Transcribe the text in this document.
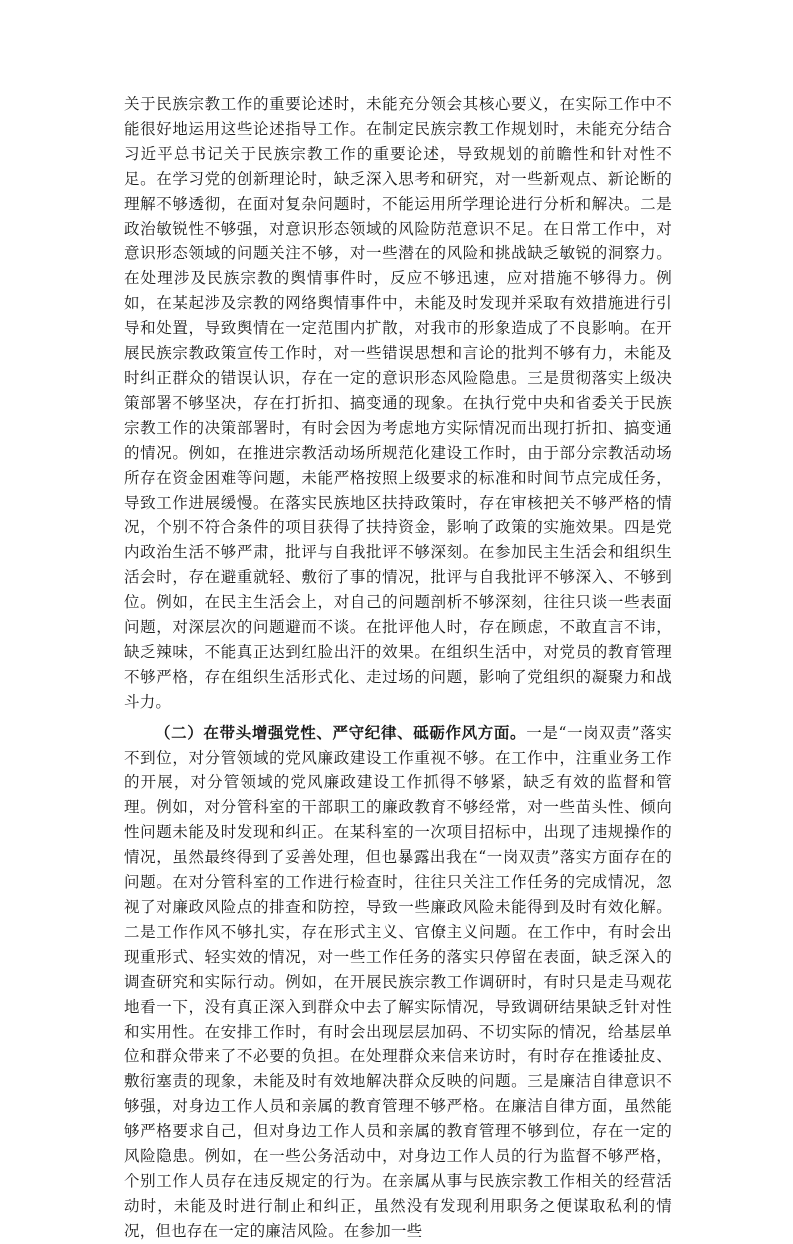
关于民族宗教工作的重要论述时，未能充分领会其核心要义，在实际工作中不能很好地运用这些论述指导工作。在制定民族宗教工作规划时，未能充分结合习近平总书记关于民族宗教工作的重要论述，导致规划的前瞻性和针对性不足。在学习党的创新理论时，缺乏深入思考和研究，对一些新观点、新论断的理解不够透彻，在面对复杂问题时，不能运用所学理论进行分析和解决。二是政治敏锐性不够强，对意识形态领域的风险防范意识不足。在日常工作中，对意识形态领域的问题关注不够，对一些潜在的风险和挑战缺乏敏锐的洞察力。在处理涉及民族宗教的舆情事件时，反应不够迅速，应对措施不够得力。例如，在某起涉及宗教的网络舆情事件中，未能及时发现并采取有效措施进行引导和处置，导致舆情在一定范围内扩散，对我市的形象造成了不良影响。在开展民族宗教政策宣传工作时，对一些错误思想和言论的批判不够有力，未能及时纠正群众的错误认识，存在一定的意识形态风险隐患。三是贯彻落实上级决策部署不够坚决，存在打折扣、搞变通的现象。在执行党中央和省委关于民族宗教工作的决策部署时，有时会因为考虑地方实际情况而出现打折扣、搞变通的情况。例如，在推进宗教活动场所规范化建设工作时，由于部分宗教活动场所存在资金困难等问题，未能严格按照上级要求的标准和时间节点完成任务，导致工作进展缓慢。在落实民族地区扶持政策时，存在审核把关不够严格的情况，个别不符合条件的项目获得了扶持资金，影响了政策的实施效果。四是党内政治生活不够严肃，批评与自我批评不够深刻。在参加民主生活会和组织生活会时，存在避重就轻、敷衍了事的情况，批评与自我批评不够深入、不够到位。例如，在民主生活会上，对自己的问题剖析不够深刻，往往只谈一些表面问题，对深层次的问题避而不谈。在批评他人时，存在顾虑，不敢直言不讳，缺乏辣味，不能真正达到红脸出汗的效果。在组织生活中，对党员的教育管理不够严格，存在组织生活形式化、走过场的问题，影响了党组织的凝聚力和战斗力。

（二）在带头增强党性、严守纪律、砥砺作风方面。一是“一岗双责”落实不到位，对分管领域的党风廉政建设工作重视不够。在工作中，注重业务工作的开展，对分管领域的党风廉政建设工作抓得不够紧，缺乏有效的监督和管理。例如，对分管科室的干部职工的廉政教育不够经常，对一些苗头性、倾向性问题未能及时发现和纠正。在某科室的一次项目招标中，出现了违规操作的情况，虽然最终得到了妥善处理，但也暴露出我在“一岗双责”落实方面存在的问题。在对分管科室的工作进行检查时，往往只关注工作任务的完成情况，忽视了对廉政风险点的排查和防控，导致一些廉政风险未能得到及时有效化解。二是工作作风不够扎实，存在形式主义、官僚主义问题。在工作中，有时会出现重形式、轻实效的情况，对一些工作任务的落实只停留在表面，缺乏深入的调查研究和实际行动。例如，在开展民族宗教工作调研时，有时只是走马观花地看一下，没有真正深入到群众中去了解实际情况，导致调研结果缺乏针对性和实用性。在安排工作时，有时会出现层层加码、不切实际的情况，给基层单位和群众带来了不必要的负担。在处理群众来信来访时，有时存在推诿扯皮、敷衍塞责的现象，未能及时有效地解决群众反映的问题。三是廉洁自律意识不够强，对身边工作人员和亲属的教育管理不够严格。在廉洁自律方面，虽然能够严格要求自己，但对身边工作人员和亲属的教育管理不够到位，存在一定的风险隐患。例如，在一些公务活动中，对身边工作人员的行为监督不够严格，个别工作人员存在违反规定的行为。在亲属从事与民族宗教工作相关的经营活动时，未能及时进行制止和纠正，虽然没有发现利用职务之便谋取私利的情况，但也存在一定的廉洁风险。在参加一些
